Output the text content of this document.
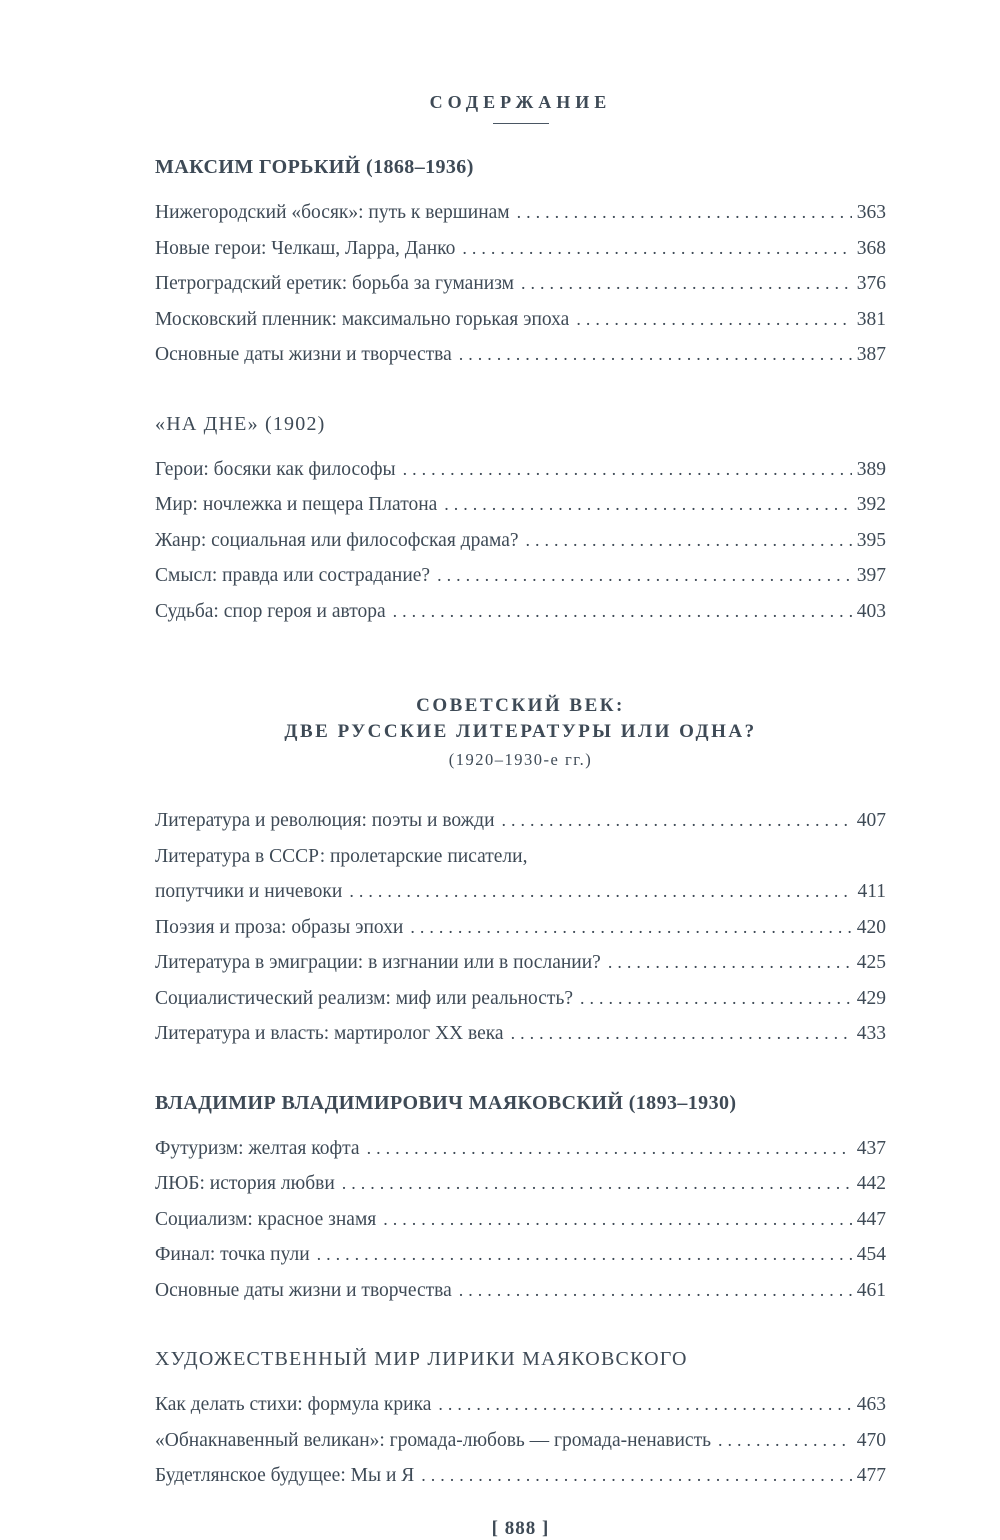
СОДЕРЖАНИЕ
МАКСИМ ГОРЬКИЙ (1868–1936)
Нижегородский «босяк»: путь к вершинам .....	363
Новые герои: Челкаш, Ларра, Данко .....	368
Петроградский еретик: борьба за гуманизм .....	376
Московский пленник: максимально горькая эпоха .....	381
Основные даты жизни и творчества .....	387
«НА ДНЕ» (1902)
Герои: босяки как философы .....	389
Мир: ночлежка и пещера Платона .....	392
Жанр: социальная или философская драма? .....	395
Смысл: правда или сострадание? .....	397
Судьба: спор героя и автора .....	403
СОВЕТСКИЙ ВЕК:
ДВЕ РУССКИЕ ЛИТЕРАТУРЫ ИЛИ ОДНА?
(1920–1930-е гг.)
Литература и революция: поэты и вожди .....	407
Литература в СССР: пролетарские писатели,
попутчики и ничевоки .....	411
Поэзия и проза: образы эпохи .....	420
Литература в эмиграции: в изгнании или в послании? .....	425
Социалистический реализм: миф или реальность? .....	429
Литература и власть: мартиролог XX века .....	433
ВЛАДИМИР ВЛАДИМИРОВИЧ МАЯКОВСКИЙ (1893–1930)
Футуризм: желтая кофта .....	437
ЛЮБ: история любви .....	442
Социализм: красное знамя .....	447
Финал: точка пули .....	454
Основные даты жизни и творчества .....	461
ХУДОЖЕСТВЕННЫЙ МИР ЛИРИКИ МАЯКОВСКОГО
Как делать стихи: формула крика .....	463
«Обнакнавенный великан»: громада-любовь — громада-ненависть .....	470
Будетлянское будущее: Мы и Я .....	477
[ 888 ]
